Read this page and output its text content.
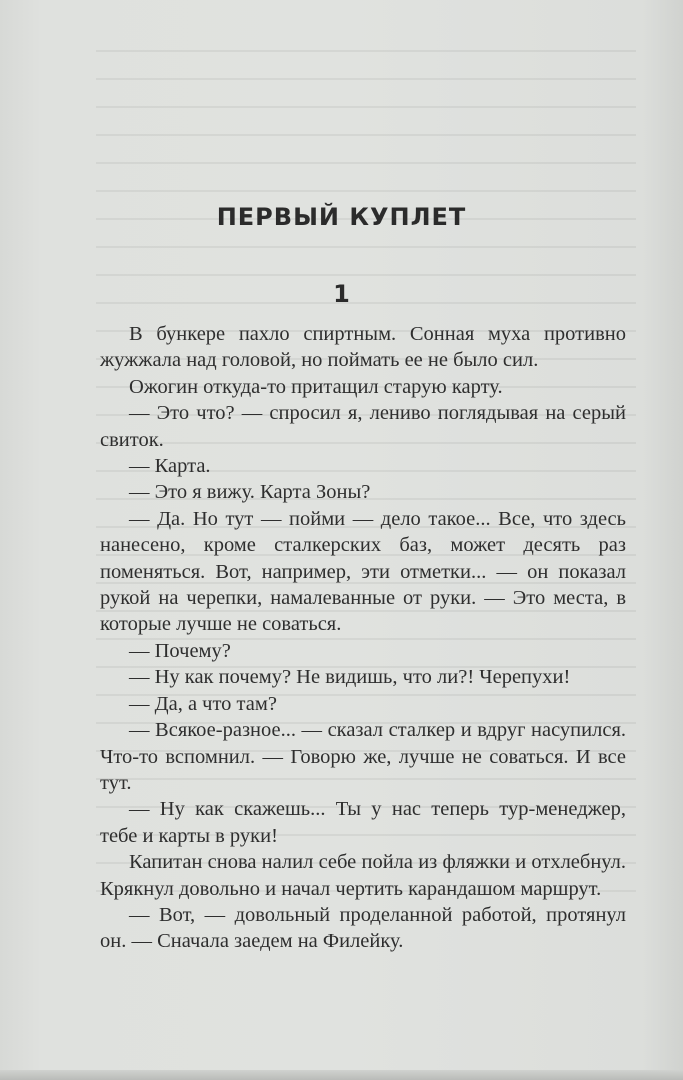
ПЕРВЫЙ КУПЛЕТ
1

В бункере пахло спиртным. Сонная муха противно жужжала над головой, но поймать ее не было сил.

Ожогин откуда-то притащил старую карту.

— Это что? — спросил я, лениво поглядывая на серый свиток.

— Карта.

— Это я вижу. Карта Зоны?

— Да. Но тут — пойми — дело такое... Все, что здесь нанесено, кроме сталкерских баз, может десять раз поменяться. Вот, например, эти отметки... — он показал рукой на черепки, намалеванные от руки. — Это места, в которые лучше не соваться.

— Почему?

— Ну как почему? Не видишь, что ли?! Черепухи!

— Да, а что там?

— Всякое-разное... — сказал сталкер и вдруг насупился. Что-то вспомнил. — Говорю же, лучше не соваться. И все тут.

— Ну как скажешь... Ты у нас теперь тур-менеджер, тебе и карты в руки!

Капитан снова налил себе пойла из фляжки и отхлебнул. Крякнул довольно и начал чертить карандашом маршрут.

— Вот, — довольный проделанной работой, протянул он. — Сначала заедем на Филейку.
